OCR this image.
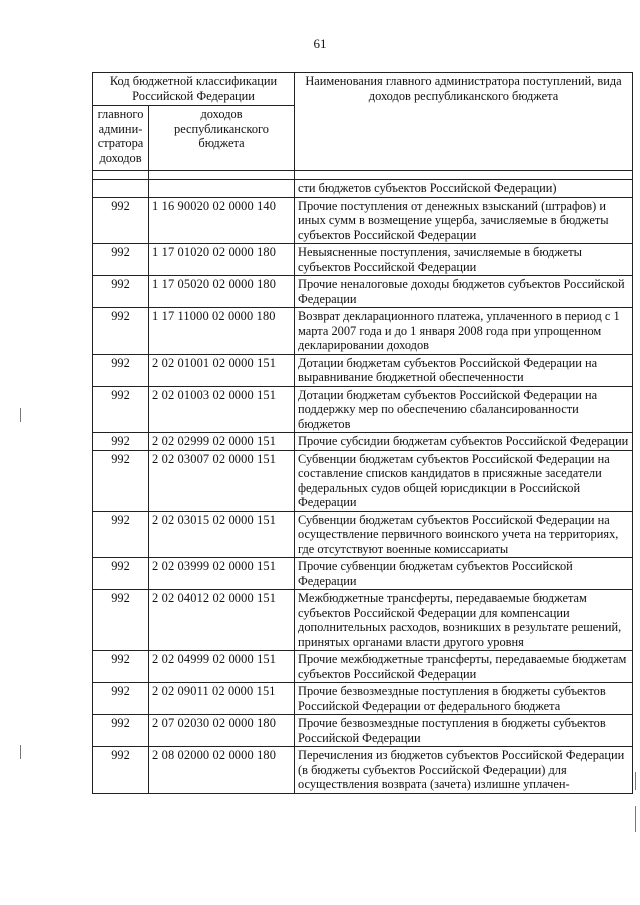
61
Код бюджетной классификации Российской Федерации		Наименования главного администратора поступлений, вида доходов республиканского бюджета
главного админи-стратора доходов	доходов республиканского бюджета	

		сти бюджетов субъектов Российской Федерации)
992	1 16 90020 02 0000 140	Прочие поступления от денежных взысканий (штрафов) и иных сумм в возмещение ущерба, зачисляемые в бюджеты субъектов Российской Федерации
992	1 17 01020 02 0000 180	Невыясненные поступления, зачисляемые в бюджеты субъектов Российской Федерации
992	1 17 05020 02 0000 180	Прочие неналоговые доходы бюджетов субъектов Российской Федерации
992	1 17 11000 02 0000 180	Возврат декларационного платежа, уплаченного в период с 1 марта 2007 года и до 1 января 2008 года при упрощенном декларировании доходов
992	2 02 01001 02 0000 151	Дотации бюджетам субъектов Российской Федерации на выравнивание бюджетной обеспеченности
992	2 02 01003 02 0000 151	Дотации бюджетам субъектов Российской Федерации на поддержку мер по обеспечению сбалансированности бюджетов
992	2 02 02999 02 0000 151	Прочие субсидии бюджетам субъектов Российской Федерации
992	2 02 03007 02 0000 151	Субвенции бюджетам субъектов Российской Федерации на составление списков кандидатов в присяжные заседатели федеральных судов общей юрисдикции в Российской Федерации
992	2 02 03015 02 0000 151	Субвенции бюджетам субъектов Российской Федерации на осуществление первичного воинского учета на территориях, где отсутствуют военные комиссариаты
992	2 02 03999 02 0000 151	Прочие субвенции бюджетам субъектов Российской Федерации
992	2 02 04012 02 0000 151	Межбюджетные трансферты, передаваемые бюджетам субъектов Российской Федерации для компенсации дополнительных расходов, возникших в результате решений, принятых органами власти другого уровня
992	2 02 04999 02 0000 151	Прочие межбюджетные трансферты, передаваемые бюджетам субъектов Российской Федерации
992	2 02 09011 02 0000 151	Прочие безвозмездные поступления в бюджеты субъектов Российской Федерации от федерального бюджета
992	2 07 02030 02 0000 180	Прочие безвозмездные поступления в бюджеты субъектов Российской Федерации
992	2 08 02000 02 0000 180	Перечисления из бюджетов субъектов Российской Федерации (в бюджеты субъектов Российской Федерации) для осуществления возврата (зачета) излишне уплачен-
